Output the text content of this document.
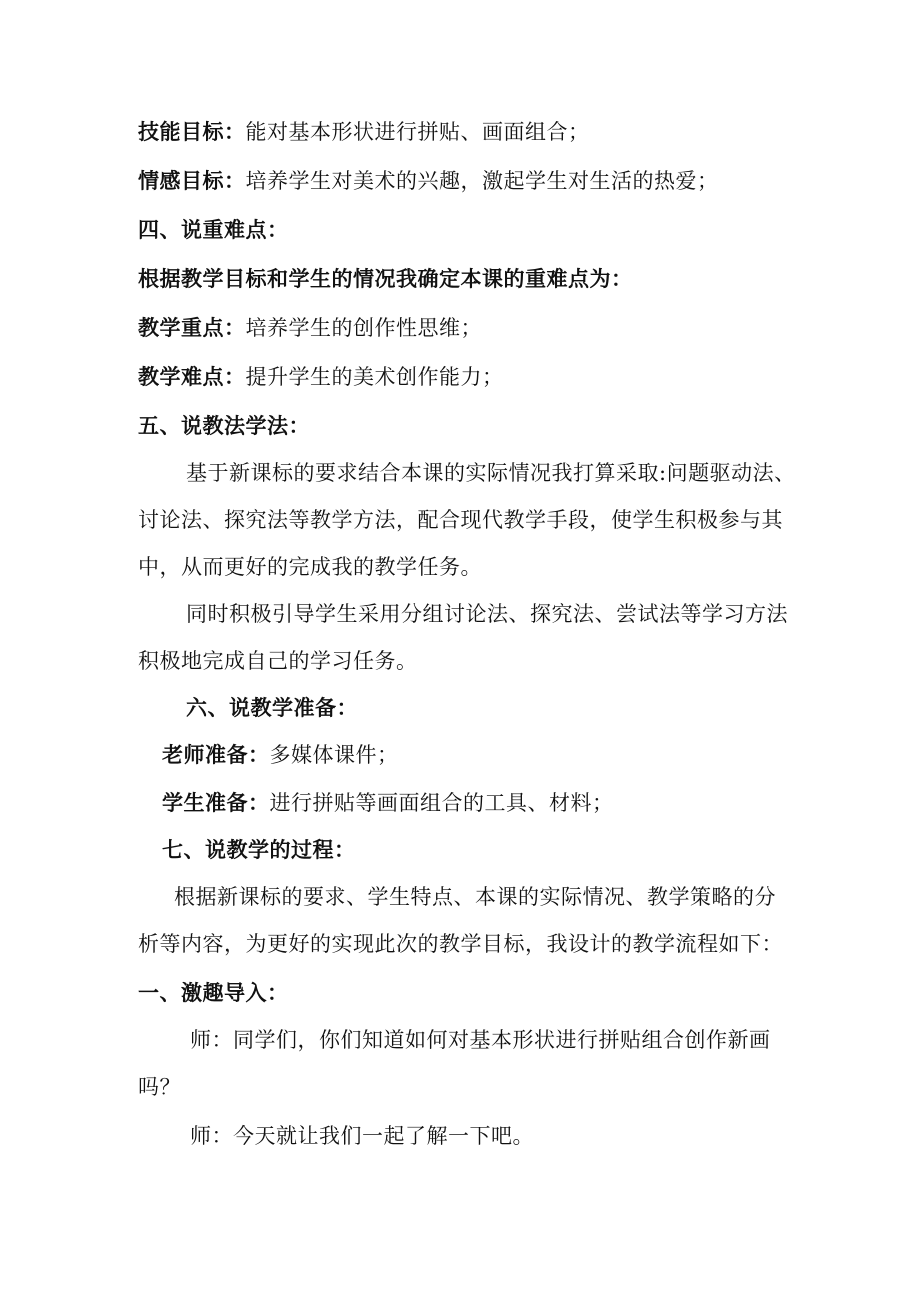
技能目标：能对基本形状进行拼贴、画面组合；
情感目标：培养学生对美术的兴趣，激起学生对生活的热爱；
四、说重难点：
根据教学目标和学生的情况我确定本课的重难点为：
教学重点：培养学生的创作性思维；
教学难点：提升学生的美术创作能力；
五、说教法学法：
基于新课标的要求结合本课的实际情况我打算采取:问题驱动法、
讨论法、探究法等教学方法，配合现代教学手段，使学生积极参与其
中，从而更好的完成我的教学任务。
同时积极引导学生采用分组讨论法、探究法、尝试法等学习方法
积极地完成自己的学习任务。
六、说教学准备：
老师准备：多媒体课件；
学生准备：进行拼贴等画面组合的工具、材料；
七、说教学的过程：
根据新课标的要求、学生特点、本课的实际情况、教学策略的分
析等内容，为更好的实现此次的教学目标，我设计的教学流程如下：
一、激趣导入：
师：同学们，你们知道如何对基本形状进行拼贴组合创作新画
吗？
师：今天就让我们一起了解一下吧。
